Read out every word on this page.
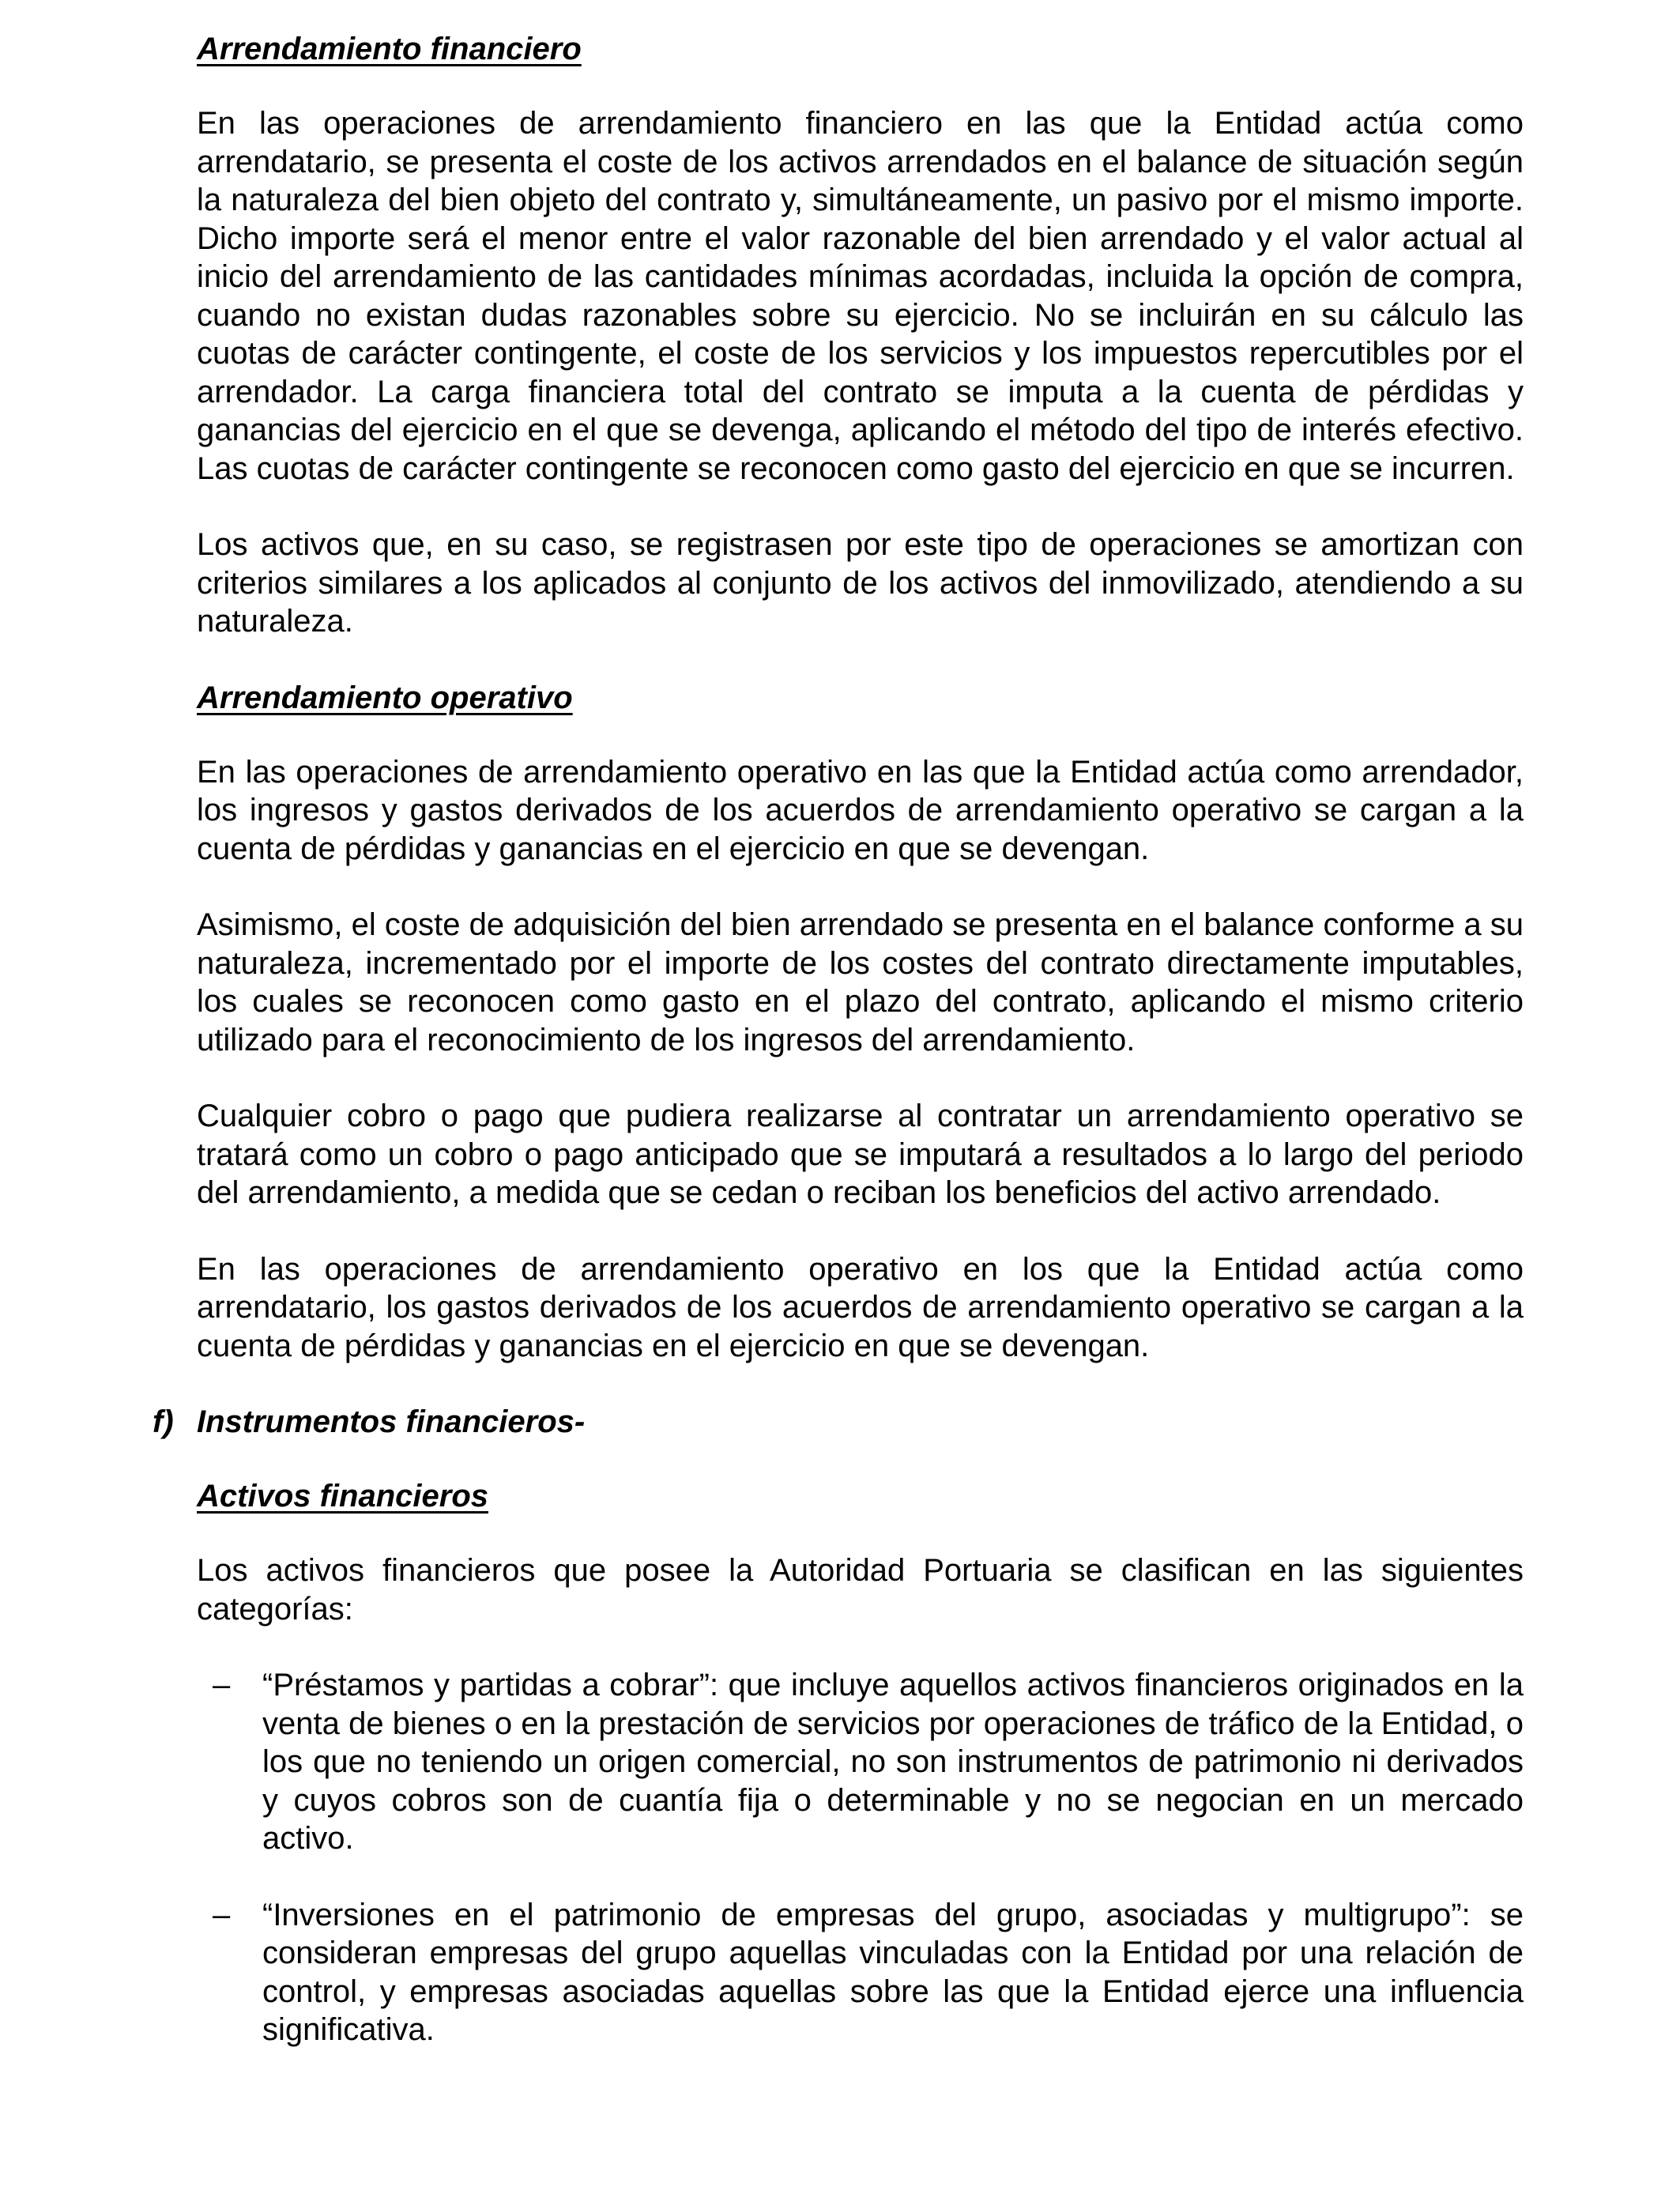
Arrendamiento financiero

En las operaciones de arrendamiento financiero en las que la Entidad actúa como arrendatario, se presenta el coste de los activos arrendados en el balance de situación según la naturaleza del bien objeto del contrato y, simultáneamente, un pasivo por el mismo importe. Dicho importe será el menor entre el valor razonable del bien arrendado y el valor actual al inicio del arrendamiento de las cantidades mínimas acordadas, incluida la opción de compra, cuando no existan dudas razonables sobre su ejercicio. No se incluirán en su cálculo las cuotas de carácter contingente, el coste de los servicios y los impuestos repercutibles por el arrendador. La carga financiera total del contrato se imputa a la cuenta de pérdidas y ganancias del ejercicio en el que se devenga, aplicando el método del tipo de interés efectivo. Las cuotas de carácter contingente se reconocen como gasto del ejercicio en que se incurren.

Los activos que, en su caso, se registrasen por este tipo de operaciones se amortizan con criterios similares a los aplicados al conjunto de los activos del inmovilizado, atendiendo a su naturaleza.

Arrendamiento operativo

En las operaciones de arrendamiento operativo en las que la Entidad actúa como arrendador, los ingresos y gastos derivados de los acuerdos de arrendamiento operativo se cargan a la cuenta de pérdidas y ganancias en el ejercicio en que se devengan.

Asimismo, el coste de adquisición del bien arrendado se presenta en el balance conforme a su naturaleza, incrementado por el importe de los costes del contrato directamente imputables, los cuales se reconocen como gasto en el plazo del contrato, aplicando el mismo criterio utilizado para el reconocimiento de los ingresos del arrendamiento.

Cualquier cobro o pago que pudiera realizarse al contratar un arrendamiento operativo se tratará como un cobro o pago anticipado que se imputará a resultados a lo largo del periodo del arrendamiento, a medida que se cedan o reciban los beneficios del activo arrendado.

En las operaciones de arrendamiento operativo en los que la Entidad actúa como arrendatario, los gastos derivados de los acuerdos de arrendamiento operativo se cargan a la cuenta de pérdidas y ganancias en el ejercicio en que se devengan.

f) Instrumentos financieros-
Activos financieros

Los activos financieros que posee la Autoridad Portuaria se clasifican en las siguientes categorías:

– “Préstamos y partidas a cobrar”: que incluye aquellos activos financieros originados en la venta de bienes o en la prestación de servicios por operaciones de tráfico de la Entidad, o los que no teniendo un origen comercial, no son instrumentos de patrimonio ni derivados y cuyos cobros son de cuantía fija o determinable y no se negocian en un mercado activo.

– “Inversiones en el patrimonio de empresas del grupo, asociadas y multigrupo”: se consideran empresas del grupo aquellas vinculadas con la Entidad por una relación de control, y empresas asociadas aquellas sobre las que la Entidad ejerce una influencia significativa.
